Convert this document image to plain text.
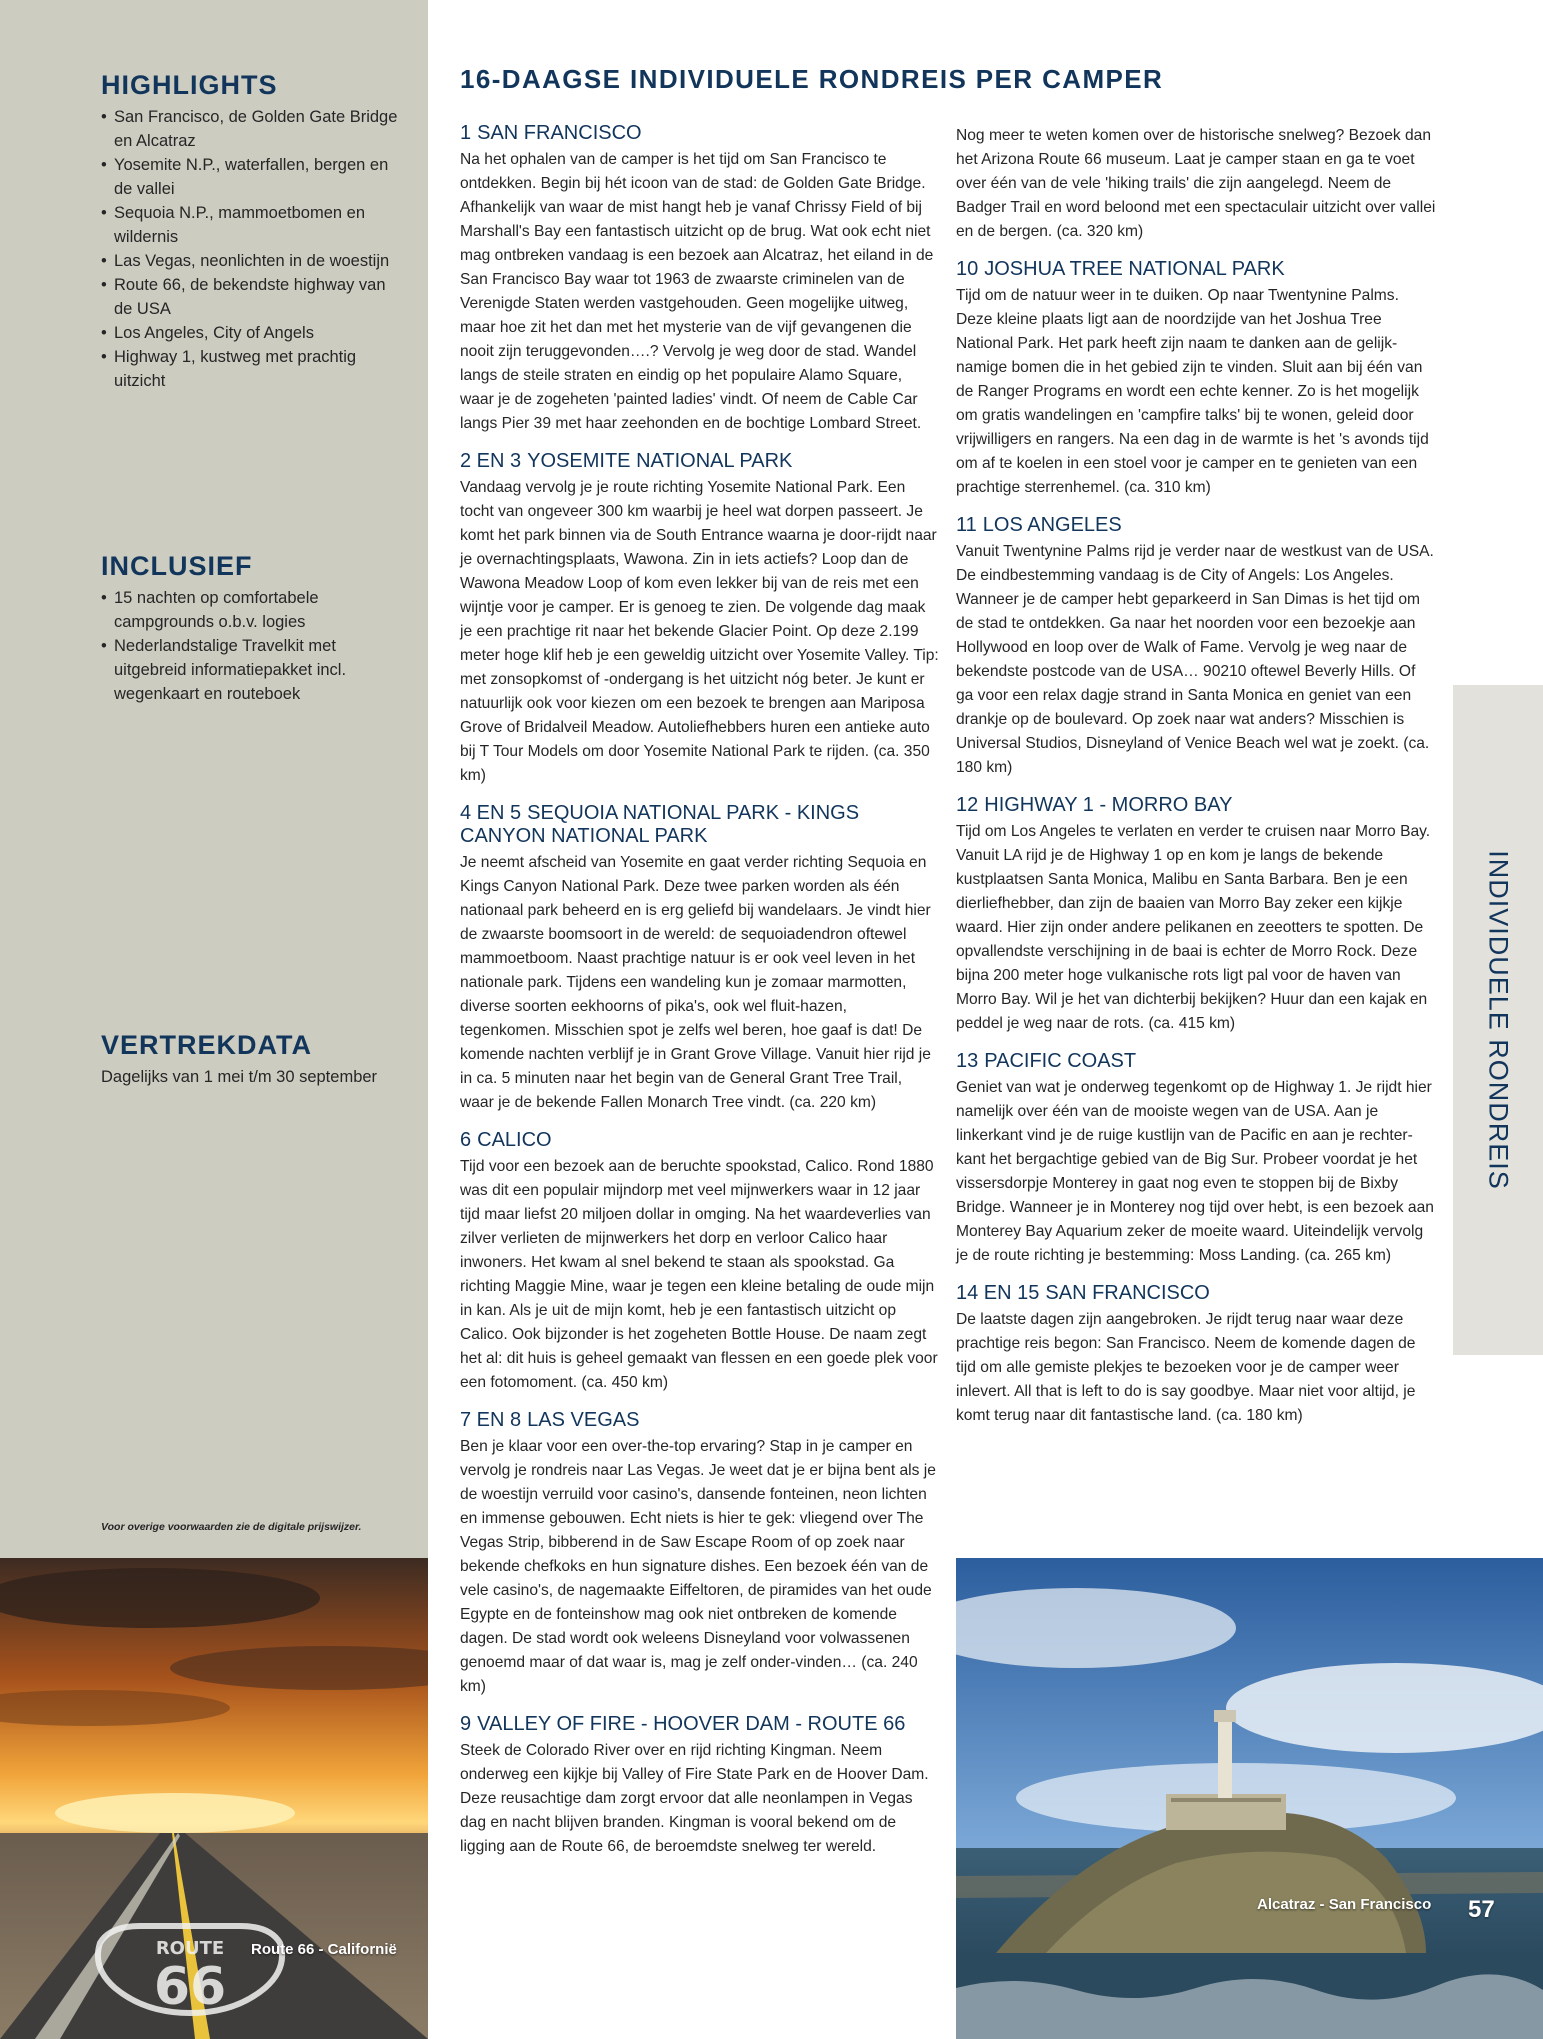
HIGHLIGHTS
• San Francisco, de Golden Gate Bridge en Alcatraz
• Yosemite N.P., waterfallen, bergen en de vallei
• Sequoia N.P., mammoetbomen en wildernis
• Las Vegas, neonlichten in de woestijn
• Route 66, de bekendste highway van de USA
• Los Angeles, City of Angels
• Highway 1, kustweg met prachtig uitzicht
INCLUSIEF
• 15 nachten op comfortabele campgrounds o.b.v. logies
• Nederlandstalige Travelkit met uitgebreid informatiepakket incl. wegenkaart en routeboek
VERTREKDATA
Dagelijks van 1 mei t/m 30 september
Voor overige voorwaarden zie de digitale prijswijzer.
16-DAAGSE INDIVIDUELE RONDREIS PER CAMPER
1 SAN FRANCISCO

Na het ophalen van de camper is het tijd om San Francisco te ontdekken. Begin bij hét icoon van de stad: de Golden Gate Bridge. Afhankelijk van waar de mist hangt heb je vanaf Chrissy Field of bij Marshall's Bay een fantastisch uitzicht op de brug. Wat ook echt niet mag ontbreken vandaag is een bezoek aan Alcatraz, het eiland in de San Francisco Bay waar tot 1963 de zwaarste criminelen van de Verenigde Staten werden vastgehouden. Geen mogelijke uitweg, maar hoe zit het dan met het mysterie van de vijf gevangenen die nooit zijn teruggevonden….? Vervolg je weg door de stad. Wandel langs de steile straten en eindig op het populaire Alamo Square, waar je de zogeheten 'painted ladies' vindt. Of neem de Cable Car langs Pier 39 met haar zeehonden en de bochtige Lombard Street.

2 EN 3 YOSEMITE NATIONAL PARK

Vandaag vervolg je je route richting Yosemite National Park. Een tocht van ongeveer 300 km waarbij je heel wat dorpen passeert. Je komt het park binnen via de South Entrance waarna je door-rijdt naar je overnachtingsplaats, Wawona. Zin in iets actiefs? Loop dan de Wawona Meadow Loop of kom even lekker bij van de reis met een wijntje voor je camper. Er is genoeg te zien. De volgende dag maak je een prachtige rit naar het bekende Glacier Point. Op deze 2.199 meter hoge klif heb je een geweldig uitzicht over Yosemite Valley. Tip: met zonsopkomst of -ondergang is het uitzicht nóg beter. Je kunt er natuurlijk ook voor kiezen om een bezoek te brengen aan Mariposa Grove of Bridalveil Meadow. Autoliefhebbers huren een antieke auto bij T Tour Models om door Yosemite National Park te rijden. (ca. 350 km)

4 EN 5 SEQUOIA NATIONAL PARK - KINGS CANYON NATIONAL PARK

Je neemt afscheid van Yosemite en gaat verder richting Sequoia en Kings Canyon National Park. Deze twee parken worden als één nationaal park beheerd en is erg geliefd bij wandelaars. Je vindt hier de zwaarste boomsoort in de wereld: de sequoiadendron oftewel mammoetboom. Naast prachtige natuur is er ook veel leven in het nationale park. Tijdens een wandeling kun je zomaar marmotten, diverse soorten eekhoorns of pika's, ook wel fluit-hazen, tegenkomen. Misschien spot je zelfs wel beren, hoe gaaf is dat! De komende nachten verblijf je in Grant Grove Village. Vanuit hier rijd je in ca. 5 minuten naar het begin van de General Grant Tree Trail, waar je de bekende Fallen Monarch Tree vindt. (ca. 220 km)

6 CALICO

Tijd voor een bezoek aan de beruchte spookstad, Calico. Rond 1880 was dit een populair mijndorp met veel mijnwerkers waar in 12 jaar tijd maar liefst 20 miljoen dollar in omging. Na het waardeverlies van zilver verlieten de mijnwerkers het dorp en verloor Calico haar inwoners. Het kwam al snel bekend te staan als spookstad. Ga richting Maggie Mine, waar je tegen een kleine betaling de oude mijn in kan. Als je uit de mijn komt, heb je een fantastisch uitzicht op Calico. Ook bijzonder is het zogeheten Bottle House. De naam zegt het al: dit huis is geheel gemaakt van flessen en een goede plek voor een fotomoment. (ca. 450 km)

7 EN 8 LAS VEGAS

Ben je klaar voor een over-the-top ervaring? Stap in je camper en vervolg je rondreis naar Las Vegas. Je weet dat je er bijna bent als je de woestijn verruild voor casino's, dansende fonteinen, neon lichten en immense gebouwen. Echt niets is hier te gek: vliegend over The Vegas Strip, bibberend in de Saw Escape Room of op zoek naar bekende chefkoks en hun signature dishes. Een bezoek één van de vele casino's, de nagemaakte Eiffeltoren, de piramides van het oude Egypte en de fonteinshow mag ook niet ontbreken de komende dagen. De stad wordt ook weleens Disneyland voor volwassenen genoemd maar of dat waar is, mag je zelf onder-vinden… (ca. 240 km)

9 VALLEY OF FIRE - HOOVER DAM - ROUTE 66

Steek de Colorado River over en rijd richting Kingman. Neem onderweg een kijkje bij Valley of Fire State Park en de Hoover Dam. Deze reusachtige dam zorgt ervoor dat alle neonlampen in Vegas dag en nacht blijven branden. Kingman is vooral bekend om de ligging aan de Route 66, de beroemdste snelweg ter wereld.

Nog meer te weten komen over de historische snelweg? Bezoek dan het Arizona Route 66 museum. Laat je camper staan en ga te voet over één van de vele 'hiking trails' die zijn aangelegd. Neem de Badger Trail en word beloond met een spectaculair uitzicht over vallei en de bergen. (ca. 320 km)

10 JOSHUA TREE NATIONAL PARK

Tijd om de natuur weer in te duiken. Op naar Twentynine Palms. Deze kleine plaats ligt aan de noordzijde van het Joshua Tree National Park. Het park heeft zijn naam te danken aan de gelijk-namige bomen die in het gebied zijn te vinden. Sluit aan bij één van de Ranger Programs en wordt een echte kenner. Zo is het mogelijk om gratis wandelingen en 'campfire talks' bij te wonen, geleid door vrijwilligers en rangers. Na een dag in de warmte is het 's avonds tijd om af te koelen in een stoel voor je camper en te genieten van een prachtige sterrenhemel. (ca. 310 km)

11 LOS ANGELES

Vanuit Twentynine Palms rijd je verder naar de westkust van de USA. De eindbestemming vandaag is de City of Angels: Los Angeles. Wanneer je de camper hebt geparkeerd in San Dimas is het tijd om de stad te ontdekken. Ga naar het noorden voor een bezoekje aan Hollywood en loop over de Walk of Fame. Vervolg je weg naar de bekendste postcode van de USA… 90210 oftewel Beverly Hills. Of ga voor een relax dagje strand in Santa Monica en geniet van een drankje op de boulevard. Op zoek naar wat anders? Misschien is Universal Studios, Disneyland of Venice Beach wel wat je zoekt. (ca. 180 km)

12 HIGHWAY 1 - MORRO BAY

Tijd om Los Angeles te verlaten en verder te cruisen naar Morro Bay. Vanuit LA rijd je de Highway 1 op en kom je langs de bekende kustplaatsen Santa Monica, Malibu en Santa Barbara. Ben je een dierliefhebber, dan zijn de baaien van Morro Bay zeker een kijkje waard. Hier zijn onder andere pelikanen en zeeotters te spotten. De opvallendste verschijning in de baai is echter de Morro Rock. Deze bijna 200 meter hoge vulkanische rots ligt pal voor de haven van Morro Bay. Wil je het van dichterbij bekijken? Huur dan een kajak en peddel je weg naar de rots. (ca. 415 km)

13 PACIFIC COAST

Geniet van wat je onderweg tegenkomt op de Highway 1. Je rijdt hier namelijk over één van de mooiste wegen van de USA. Aan je linkerkant vind je de ruige kustlijn van de Pacific en aan je rechter-kant het bergachtige gebied van de Big Sur. Probeer voordat je het vissersdorpje Monterey in gaat nog even te stoppen bij de Bixby Bridge. Wanneer je in Monterey nog tijd over hebt, is een bezoek aan Monterey Bay Aquarium zeker de moeite waard. Uiteindelijk vervolg je de route richting je bestemming: Moss Landing. (ca. 265 km)

14 EN 15 SAN FRANCISCO

De laatste dagen zijn aangebroken. Je rijdt terug naar waar deze prachtige reis begon: San Francisco. Neem de komende dagen de tijd om alle gemiste plekjes te bezoeken voor je de camper weer inlevert. All that is left to do is say goodbye. Maar niet voor altijd, je komt terug naar dit fantastische land. (ca. 180 km)

INDIVIDUELE RONDREIS
ROUTE
66
Route 66 - Californië
Alcatraz - San Francisco 57
